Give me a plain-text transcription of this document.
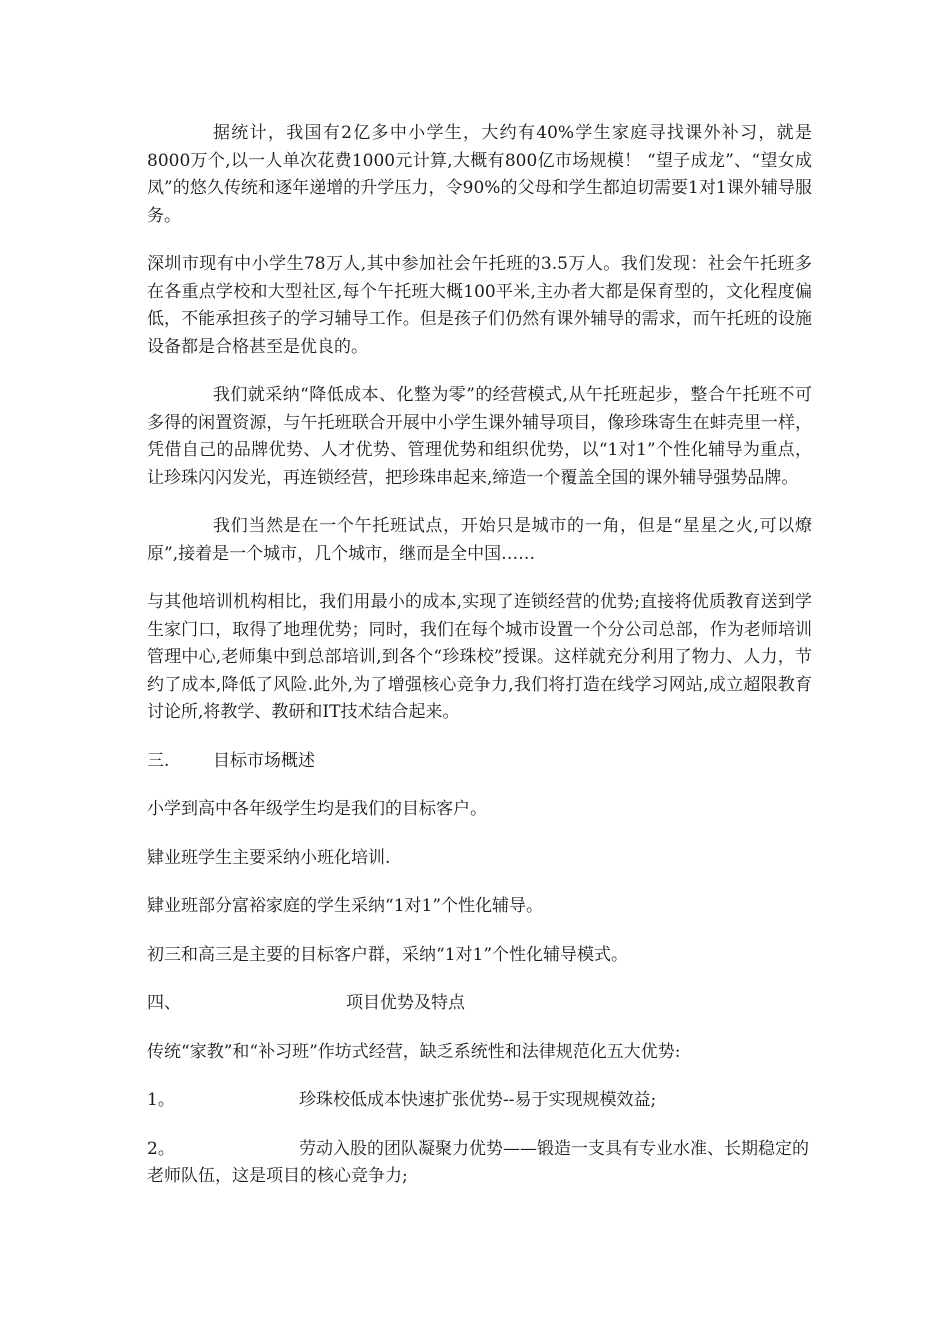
据统计，我国有2亿多中小学生，大约有40%学生家庭寻找课外补习，就是8000万个,以一人单次花费1000元计算,大概有800亿市场规模！ “望子成龙”、“望女成凤”的悠久传统和逐年递增的升学压力，令90%的父母和学生都迫切需要1对1课外辅导服务。

深圳市现有中小学生78万人,其中参加社会午托班的3.5万人。我们发现：社会午托班多在各重点学校和大型社区,每个午托班大概100平米,主办者大都是保育型的，文化程度偏低，不能承担孩子的学习辅导工作。但是孩子们仍然有课外辅导的需求，而午托班的设施设备都是合格甚至是优良的。

我们就采纳“降低成本、化整为零”的经营模式,从午托班起步，整合午托班不可多得的闲置资源，与午托班联合开展中小学生课外辅导项目，像珍珠寄生在蚌壳里一样，凭借自己的品牌优势、人才优势、管理优势和组织优势，以“1对1”个性化辅导为重点，让珍珠闪闪发光，再连锁经营，把珍珠串起来,缔造一个覆盖全国的课外辅导强势品牌。

我们当然是在一个午托班试点，开始只是城市的一角，但是“星星之火,可以燎原”,接着是一个城市，几个城市，继而是全中国……

与其他培训机构相比，我们用最小的成本,实现了连锁经营的优势;直接将优质教育送到学生家门口，取得了地理优势；同时，我们在每个城市设置一个分公司总部，作为老师培训管理中心,老师集中到总部培训,到各个“珍珠校”授课。这样就充分利用了物力、人力，节约了成本,降低了风险.此外,为了增强核心竞争力,我们将打造在线学习网站,成立超限教育讨论所,将教学、教研和IT技术结合起来。

三.	目标市场概述

小学到高中各年级学生均是我们的目标客户。

肄业班学生主要采纳小班化培训.

肄业班部分富裕家庭的学生采纳“1对1”个性化辅导。

初三和高三是主要的目标客户群，采纳“1对1”个性化辅导模式。

四、	项目优势及特点

传统“家教”和“补习班”作坊式经营，缺乏系统性和法律规范化五大优势:

1。	珍珠校低成本快速扩张优势--易于实现规模效益;
2。	劳动入股的团队凝聚力优势——锻造一支具有专业水准、长期稳定的老师队伍，这是项目的核心竞争力;
